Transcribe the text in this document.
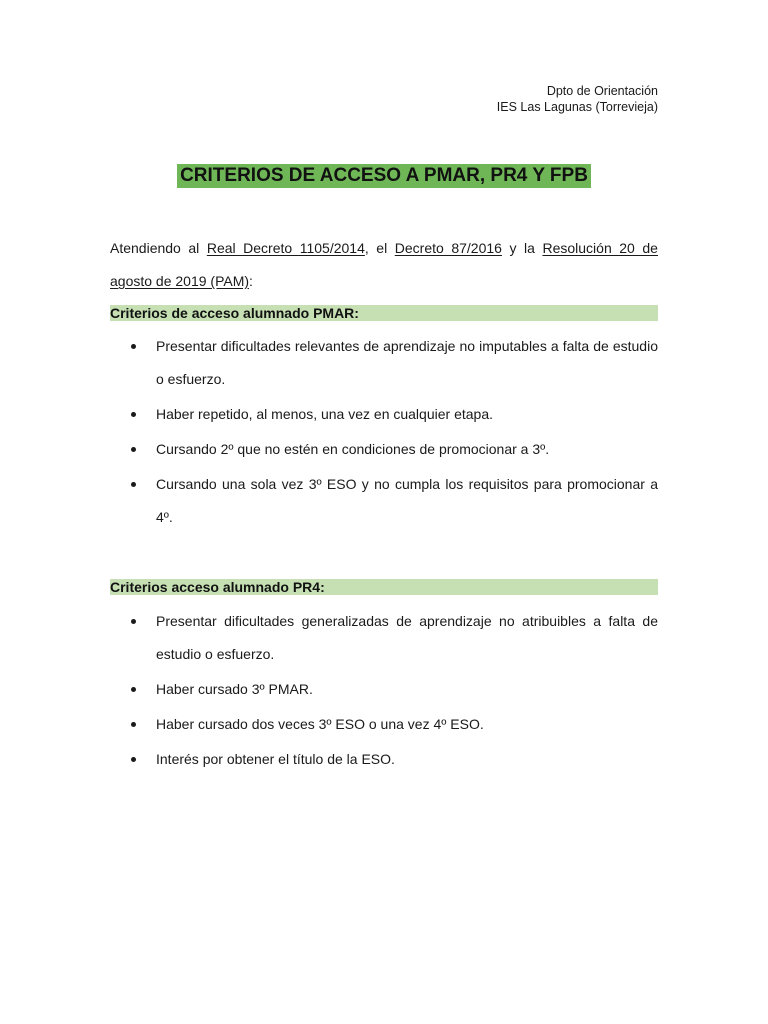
Dpto de Orientación
IES Las Lagunas (Torrevieja)
CRITERIOS DE ACCESO A PMAR, PR4 Y FPB
Atendiendo al Real Decreto 1105/2014, el Decreto 87/2016 y la Resolución 20 de agosto de 2019 (PAM):
Criterios de acceso alumnado PMAR:
Presentar dificultades relevantes de aprendizaje no imputables a falta de estudio o esfuerzo.
Haber repetido, al menos, una vez en cualquier etapa.
Cursando 2º que no estén en condiciones de promocionar a 3º.
Cursando una sola vez 3º ESO y no cumpla los requisitos para promocionar a 4º.
Criterios acceso alumnado PR4:
Presentar dificultades generalizadas de aprendizaje no atribuibles a falta de estudio o esfuerzo.
Haber cursado 3º PMAR.
Haber cursado dos veces 3º ESO o una vez 4º ESO.
Interés por obtener el título de la ESO.
